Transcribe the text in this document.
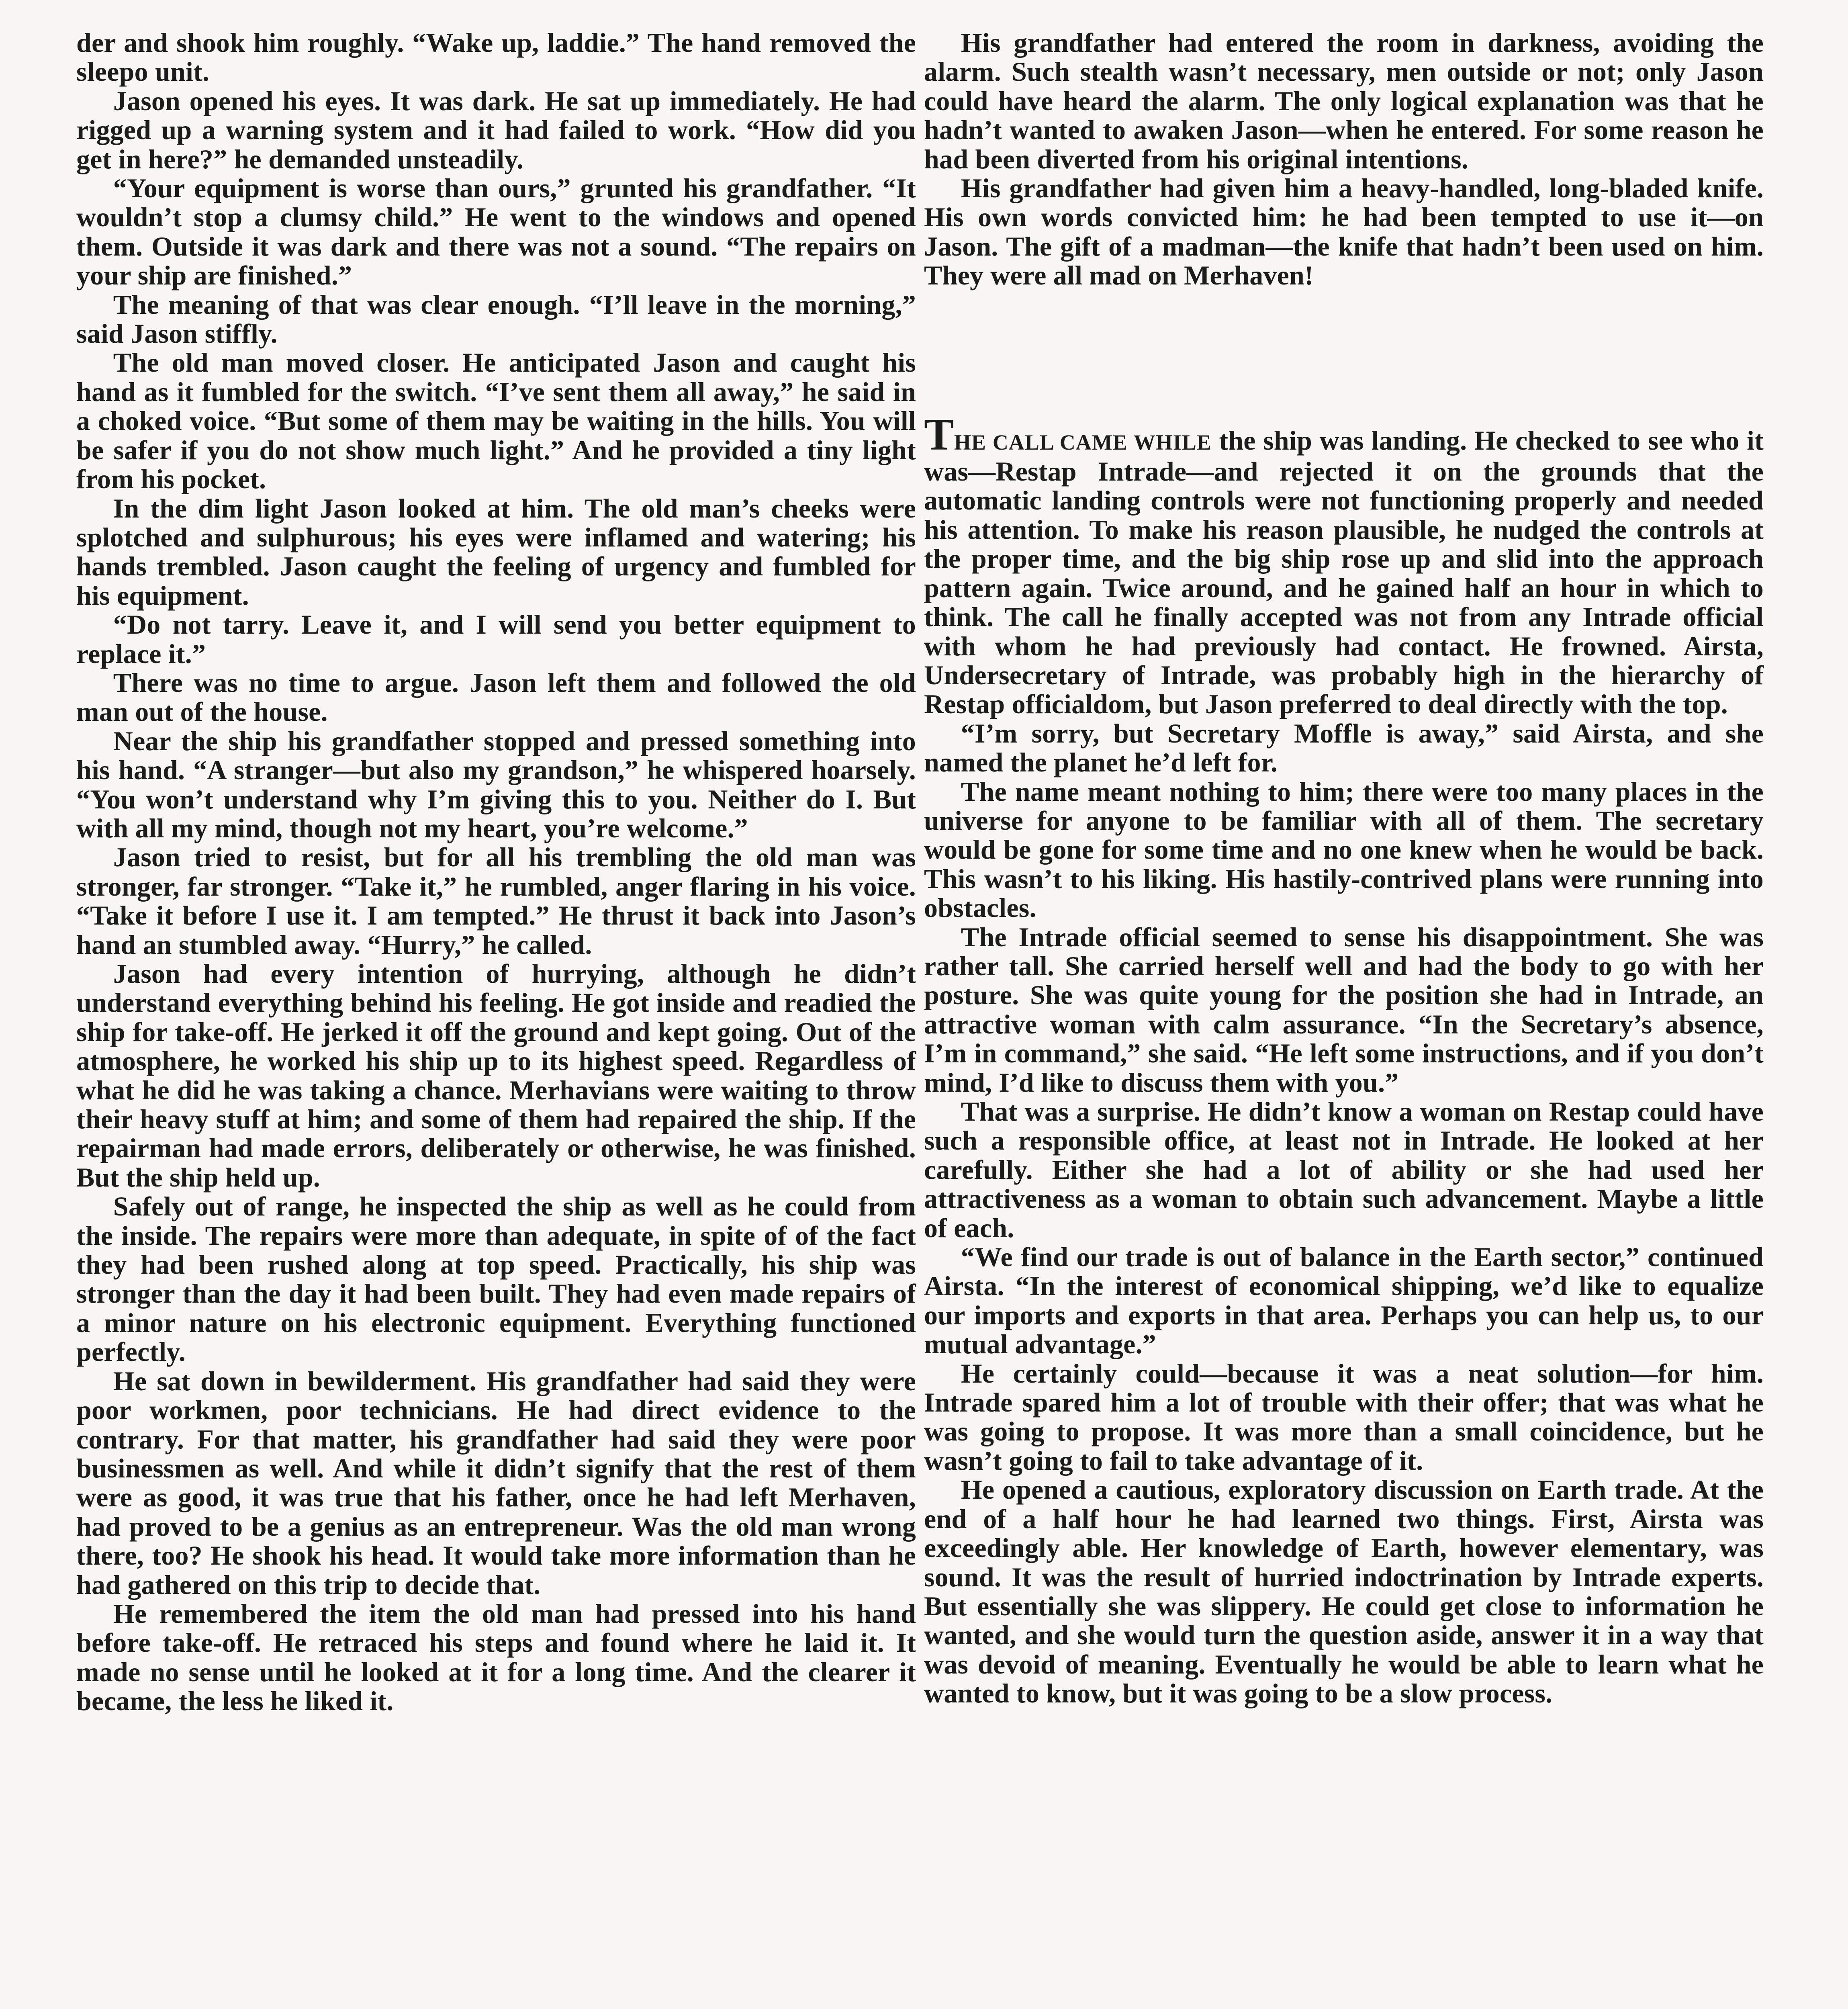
der and shook him roughly. “Wake up, laddie.” The hand removed the sleepo unit.

Jason opened his eyes. It was dark. He sat up immediately. He had rigged up a warning system and it had failed to work. “How did you get in here?” he demanded unsteadily.

“Your equipment is worse than ours,” grunted his grandfather. “It wouldn’t stop a clumsy child.” He went to the windows and opened them. Outside it was dark and there was not a sound. “The repairs on your ship are finished.”

The meaning of that was clear enough. “I’ll leave in the morning,” said Jason stiffly.

The old man moved closer. He anticipated Jason and caught his hand as it fumbled for the switch. “I’ve sent them all away,” he said in a choked voice. “But some of them may be waiting in the hills. You will be safer if you do not show much light.” And he provided a tiny light from his pocket.

In the dim light Jason looked at him. The old man’s cheeks were splotched and sulphurous; his eyes were inflamed and watering; his hands trembled. Jason caught the feeling of urgency and fumbled for his equipment.

“Do not tarry. Leave it, and I will send you better equipment to replace it.”

There was no time to argue. Jason left them and followed the old man out of the house.

Near the ship his grandfather stopped and pressed something into his hand. “A stranger—but also my grandson,” he whispered hoarsely. “You won’t understand why I’m giving this to you. Neither do I. But with all my mind, though not my heart, you’re welcome.”

Jason tried to resist, but for all his trembling the old man was stronger, far stronger. “Take it,” he rumbled, anger flaring in his voice. “Take it before I use it. I am tempted.” He thrust it back into Jason’s hand an stumbled away. “Hurry,” he called.

Jason had every intention of hurrying, although he didn’t understand everything behind his feeling. He got inside and readied the ship for take-off. He jerked it off the ground and kept going. Out of the atmosphere, he worked his ship up to its highest speed. Regardless of what he did he was taking a chance. Merhavians were waiting to throw their heavy stuff at him; and some of them had repaired the ship. If the repairman had made errors, deliberately or otherwise, he was finished. But the ship held up.

Safely out of range, he inspected the ship as well as he could from the inside. The repairs were more than adequate, in spite of of the fact they had been rushed along at top speed. Practically, his ship was stronger than the day it had been built. They had even made repairs of a minor nature on his electronic equipment. Everything functioned perfectly.

He sat down in bewilderment. His grandfather had said they were poor workmen, poor technicians. He had direct evidence to the contrary. For that matter, his grandfather had said they were poor businessmen as well. And while it didn’t signify that the rest of them were as good, it was true that his father, once he had left Merhaven, had proved to be a genius as an entrepreneur. Was the old man wrong there, too? He shook his head. It would take more information than he had gathered on this trip to decide that.

He remembered the item the old man had pressed into his hand before take-off. He retraced his steps and found where he laid it. It made no sense until he looked at it for a long time. And the clearer it became, the less he liked it.

His grandfather had entered the room in darkness, avoiding the alarm. Such stealth wasn’t necessary, men outside or not; only Jason could have heard the alarm. The only logical explanation was that he hadn’t wanted to awaken Jason—when he entered. For some reason he had been diverted from his original intentions.

His grandfather had given him a heavy-handled, long-bladed knife. His own words convicted him: he had been tempted to use it—on Jason. The gift of a madman—the knife that hadn’t been used on him. They were all mad on Merhaven!

THE CALL CAME WHILE the ship was landing. He checked to see who it was—Restap Intrade—and rejected it on the grounds that the automatic landing controls were not functioning properly and needed his attention. To make his reason plausible, he nudged the controls at the proper time, and the big ship rose up and slid into the approach pattern again. Twice around, and he gained half an hour in which to think. The call he finally accepted was not from any Intrade official with whom he had previously had contact. He frowned. Airsta, Undersecretary of Intrade, was probably high in the hierarchy of Restap officialdom, but Jason preferred to deal directly with the top.

“I’m sorry, but Secretary Moffle is away,” said Airsta, and she named the planet he’d left for.

The name meant nothing to him; there were too many places in the universe for anyone to be familiar with all of them. The secretary would be gone for some time and no one knew when he would be back. This wasn’t to his liking. His hastily-contrived plans were running into obstacles.

The Intrade official seemed to sense his disappointment. She was rather tall. She carried herself well and had the body to go with her posture. She was quite young for the position she had in Intrade, an attractive woman with calm assurance. “In the Secretary’s absence, I’m in command,” she said. “He left some instructions, and if you don’t mind, I’d like to discuss them with you.”

That was a surprise. He didn’t know a woman on Restap could have such a responsible office, at least not in Intrade. He looked at her carefully. Either she had a lot of ability or she had used her attractiveness as a woman to obtain such advancement. Maybe a little of each.

“We find our trade is out of balance in the Earth sector,” continued Airsta. “In the interest of economical shipping, we’d like to equalize our imports and exports in that area. Perhaps you can help us, to our mutual advantage.”

He certainly could—because it was a neat solution—for him. Intrade spared him a lot of trouble with their offer; that was what he was going to propose. It was more than a small coincidence, but he wasn’t going to fail to take advantage of it.

He opened a cautious, exploratory discussion on Earth trade. At the end of a half hour he had learned two things. First, Airsta was exceedingly able. Her knowledge of Earth, however elementary, was sound. It was the result of hurried indoctrination by Intrade experts. But essentially she was slippery. He could get close to information he wanted, and she would turn the question aside, answer it in a way that was devoid of meaning. Eventually he would be able to learn what he wanted to know, but it was going to be a slow process.
